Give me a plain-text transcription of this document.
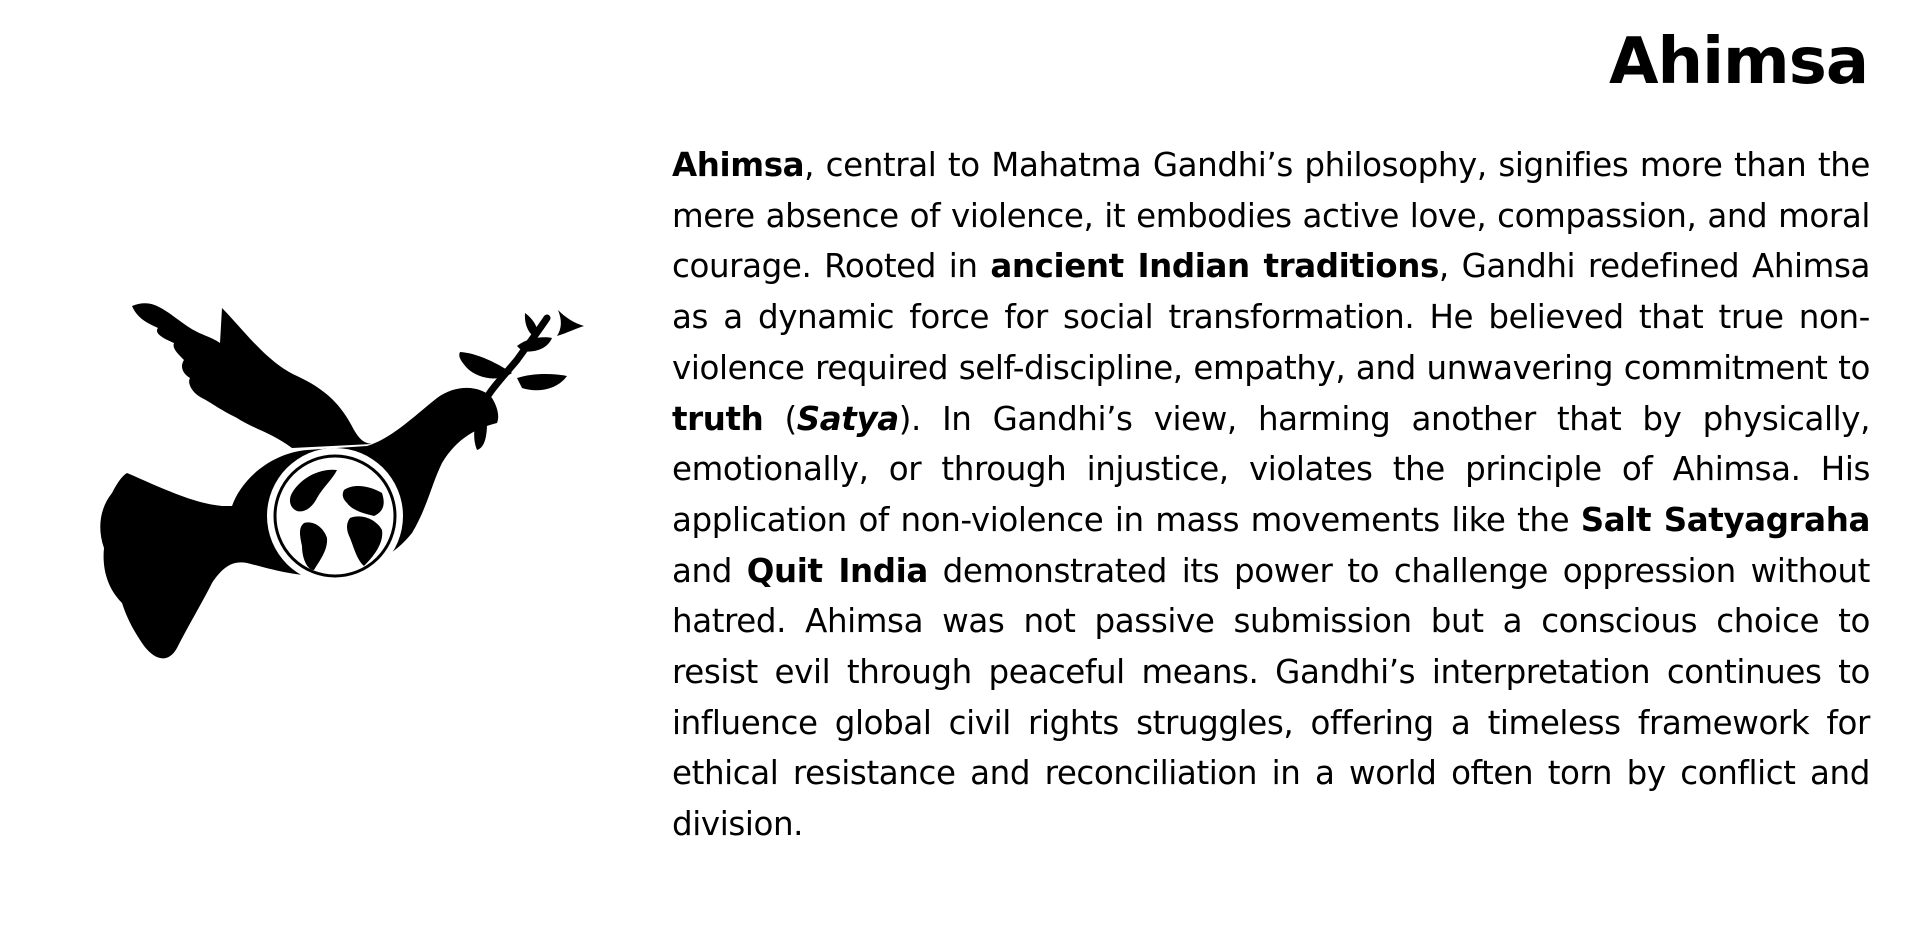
Ahimsa

Ahimsa, central to Mahatma Gandhi’s philosophy, signifies more than the mere absence of violence, it embodies active love, compassion, and moral courage. Rooted in ancient Indian traditions, Gandhi redefined Ahimsa as a dynamic force for social transformation. He believed that true non-violence required self-discipline, empathy, and unwavering commitment to truth (Satya). In Gandhi’s view, harming another that by physically, emotionally, or through injustice, violates the principle of Ahimsa. His application of non-violence in mass movements like the Salt Satyagraha and Quit India demonstrated its power to challenge oppression without hatred. Ahimsa was not passive submission but a conscious choice to resist evil through peaceful means. Gandhi’s interpretation continues to influence global civil rights struggles, offering a timeless framework for ethical resistance and reconciliation in a world often torn by conflict and division.
